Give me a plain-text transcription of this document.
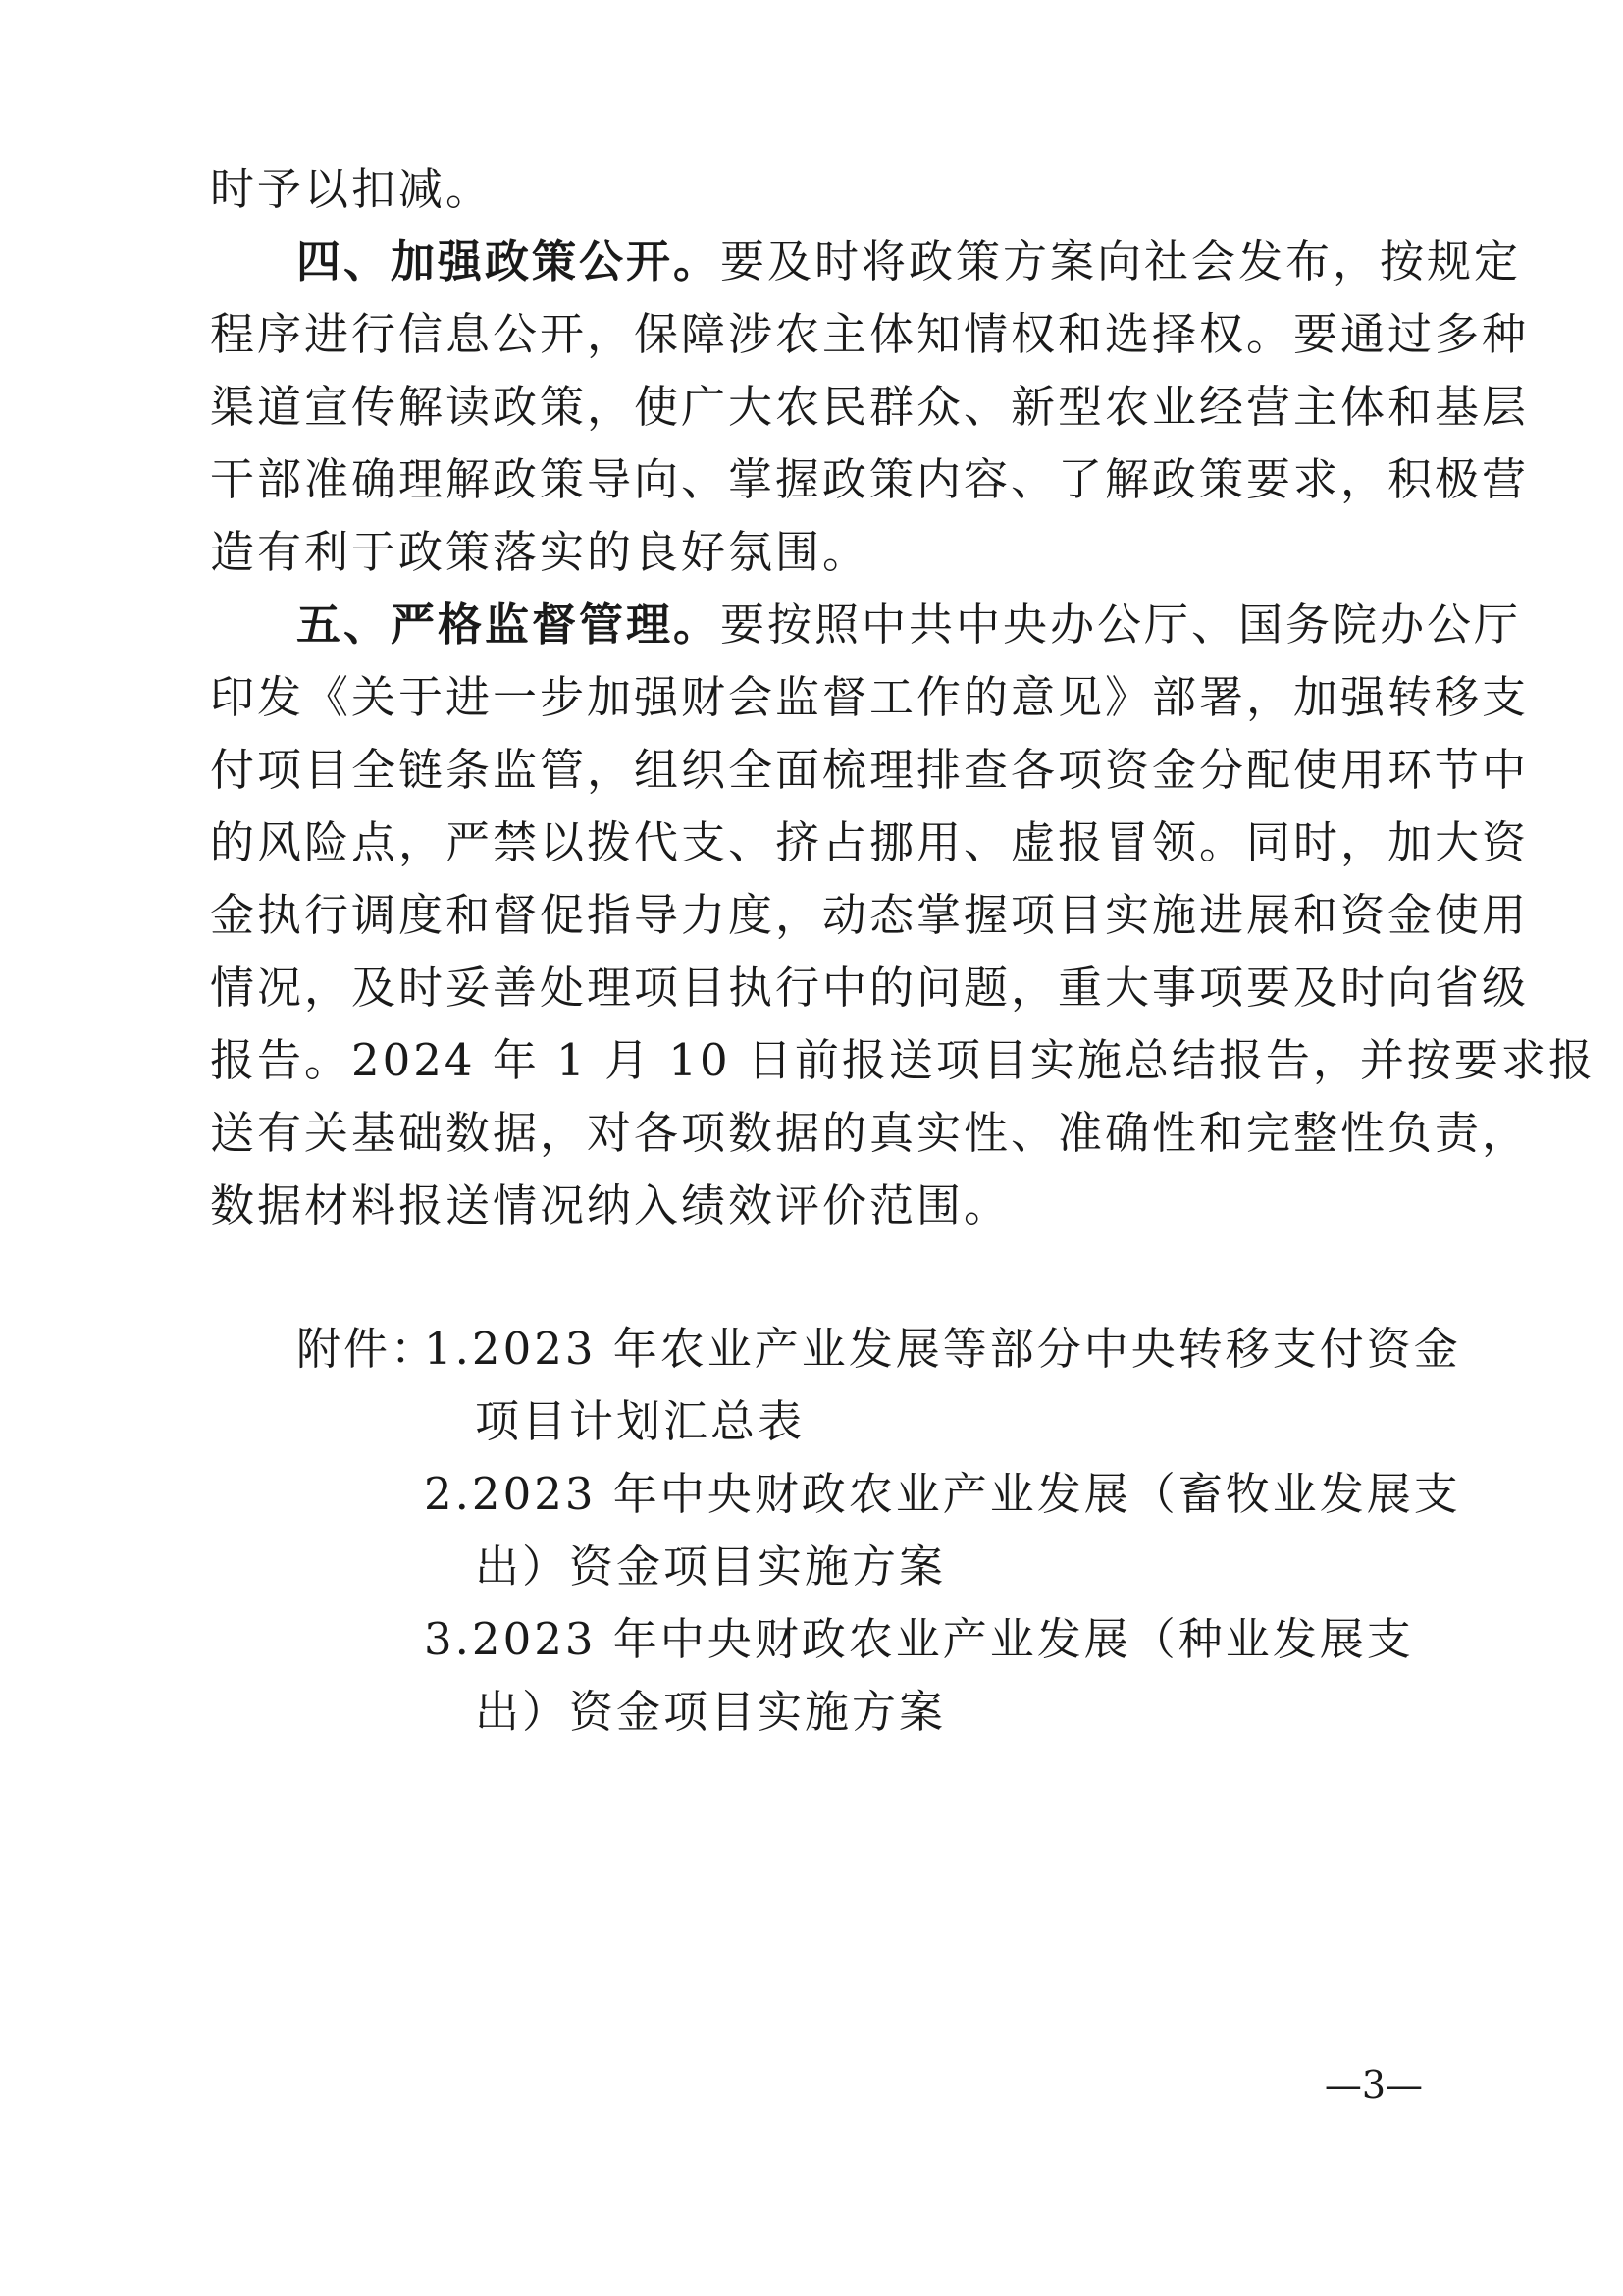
时予以扣减。
四、加强政策公开。要及时将政策方案向社会发布，按规定
程序进行信息公开，保障涉农主体知情权和选择权。要通过多种
渠道宣传解读政策，使广大农民群众、新型农业经营主体和基层
干部准确理解政策导向、掌握政策内容、了解政策要求，积极营
造有利于政策落实的良好氛围。
五、严格监督管理。要按照中共中央办公厅、国务院办公厅
印发《关于进一步加强财会监督工作的意见》部署，加强转移支
付项目全链条监管，组织全面梳理排查各项资金分配使用环节中
的风险点，严禁以拨代支、挤占挪用、虚报冒领。同时，加大资
金执行调度和督促指导力度，动态掌握项目实施进展和资金使用
情况，及时妥善处理项目执行中的问题，重大事项要及时向省级
报告。2024 年 1 月 10 日前报送项目实施总结报告，并按要求报
送有关基础数据，对各项数据的真实性、准确性和完整性负责，
数据材料报送情况纳入绩效评价范围。
附件：
1.2023 年农业产业发展等部分中央转移支付资金
项目计划汇总表
2.2023 年中央财政农业产业发展（畜牧业发展支
出）资金项目实施方案
3.2023 年中央财政农业产业发展（种业发展支
出）资金项目实施方案
—3—
